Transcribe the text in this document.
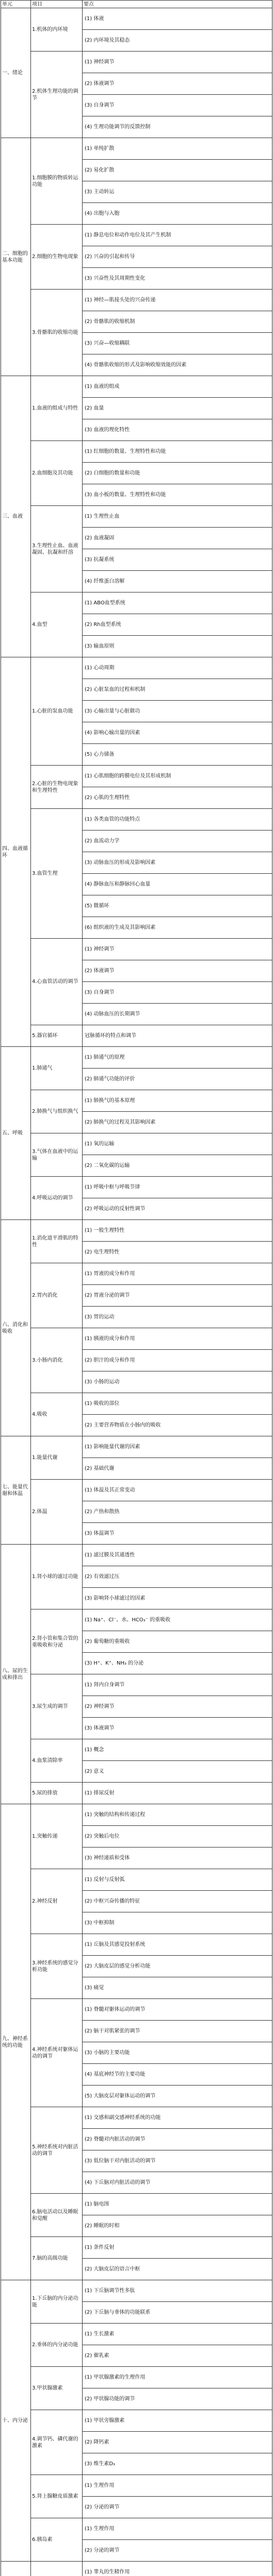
单元	项目	要点
一、绪论	1.机体的内环境	(1) 体液
		(2) 内环境及其稳态
	2.机体生理功能的调节	(1) 神经调节
		(2) 体液调节
		(3) 自身调节
		(4) 生理功能调节的反馈控制
二、细胞的基本功能	1.细胞膜的物质转运功能	(1) 单纯扩散
		(2) 易化扩散
		(3) 主动转运
		(4) 出胞与入胞
	2.细胞的生物电现象	(1) 静息电位和动作电位及其产生机制
		(2) 兴奋的引起和传导
		(3) 兴奋性及其周期性变化
	3.骨骼肌的收缩功能	(1) 神经—肌接头处的兴奋传递
		(2) 骨骼肌的收缩机制
		(3) 兴奋—收缩耦联
		(4) 骨骼肌收缩的形式及影响收缩效能的因素
三、血液	1.血液的组成与特性	(1) 血液的组成
		(2) 血量
		(3) 血液的理化特性
	2.血细胞及其功能	(1) 红细胞的数量、生理特性和功能
		(2) 白细胞的数量和功能
		(3) 血小板的数量、生理特性和功能
	3.生理性止血、血液凝固、抗凝和纤溶	(1) 生理性止血
		(2) 血液凝固
		(3) 抗凝系统
		(4) 纤维蛋白溶解
	4.血型	(1) ABO血型系统
		(2) Rh血型系统
		(3) 输血原则
四、血液循环	1.心脏的泵血功能	(1) 心动周期
		(2) 心脏泵血的过程和机制
		(3) 心输出量与心脏做功
		(4) 影响心输出量的因素
		(5) 心力储备
	2.心脏的生物电现象和生理特性	(1) 心肌细胞的跨膜电位及其形成机制
		(2) 心肌的生理特性
	3.血管生理	(1) 各类血管的功能特点
		(2) 血流动力学
		(3) 动脉血压的形成及影响因素
		(4) 静脉血压和静脉回心血量
		(5) 微循环
		(6) 组织液的生成及其影响因素
	4.心血管活动的调节	(1) 神经调节
		(2) 体液调节
		(3) 自身调节
		(4) 动脉血压的长期调节
	5.器官循环	冠脉循环的特点和调节
五、呼吸	1.肺通气	(1) 肺通气的原理
		(2) 肺通气功能的评价
	2.肺换气与组织换气	(1) 肺换气的基本原理
		(2) 肺换气的过程及其影响因素
	3.气体在血液中的运输	(1) 氧的运输
		(2) 二氧化碳的运输
	4.呼吸运动的调节	(1) 呼吸中枢与呼吸节律
		(2) 呼吸运动的反射性调节
六、消化和吸收	1.消化道平滑肌的特性	(1) 一般生理特性
		(2) 电生理特性
	2.胃内消化	(1) 胃液的成分和作用
		(2) 胃液分泌的调节
		(3) 胃的运动
	3.小肠内消化	(1) 胰液的成分和作用
		(2) 胆汁的成分和作用
		(3) 小肠的运动
	4.吸收	(1) 吸收的部位
		(2) 主要营养物质在小肠内的吸收
七、能量代谢和体温	1.能量代谢	(1) 影响能量代谢的因素
		(2) 基础代谢
	2.体温	(1) 体温及其正常变动
		(2) 产热和散热
		(3) 体温调节
八、尿的生成和排出	1.肾小球的滤过功能	(1) 滤过膜及其通透性
		(2) 有效滤过压
		(3) 影响肾小球滤过的因素
	2.肾小管和集合管的重吸收和分泌	(1) Na⁺、Cl⁻、水、HCO₃⁻ 的重吸收
		(2) 葡萄糖的重吸收
		(3) H⁺、K⁺、NH₃ 的分泌
	3.尿生成的调节	(1) 肾内自身调节
		(2) 神经调节
		(3) 体液调节
	4.血浆清除率	(1) 概念
		(2) 意义
	5.尿的排放	(1) 排尿反射
九、神经系统的功能	1.突触传递	(1) 突触的结构和传递过程
		(2) 突触后电位
		(3) 神经递质和受体
	2.神经反射	(1) 反射与反射弧
		(2) 中枢兴奋传播的特征
		(3) 中枢抑制
	3.神经系统的感觉分析功能	(1) 丘脑及其感觉投射系统
		(2) 大脑皮层的感觉分析功能
		(3) 痛觉
	4.神经系统对躯体运动的调节	(1) 脊髓对躯体运动的调节
		(2) 脑干对肌紧张的调节
		(3) 小脑的主要功能
		(4) 基底神经节的主要功能
		(5) 大脑皮层对躯体运动的调节
	5.神经系统对内脏活动的调节	(1) 交感和副交感神经系统的功能
		(2) 脊髓对内脏活动的调节
		(3) 低位脑干对内脏活动的调节
		(4) 下丘脑对内脏活动的调节
	6.脑电活动以及睡眠和觉醒	(1) 脑电图
		(2) 睡眠的时相
	7.脑的高级功能	(1) 条件反射
		(2) 大脑皮层的语言中枢
十、内分泌	1.下丘脑的内分泌功能	(1) 下丘脑调节性多肽
		(2) 下丘脑与垂体的功能联系
	2.垂体的内分泌功能	(1) 生长激素
		(2) 催乳素
	3.甲状腺激素	(1) 甲状腺激素的生理作用
		(2) 甲状腺功能的调节
	4.调节钙、磷代谢的激素	(1) 甲状旁腺激素
		(2) 降钙素
		(3) 维生素D₃
	5.肾上腺糖皮质激素	(1) 生理作用
		(2) 分泌的调节
	6.胰岛素	(1) 生理作用
		(2) 分泌的调节
		(1) 睾丸的生精作用
